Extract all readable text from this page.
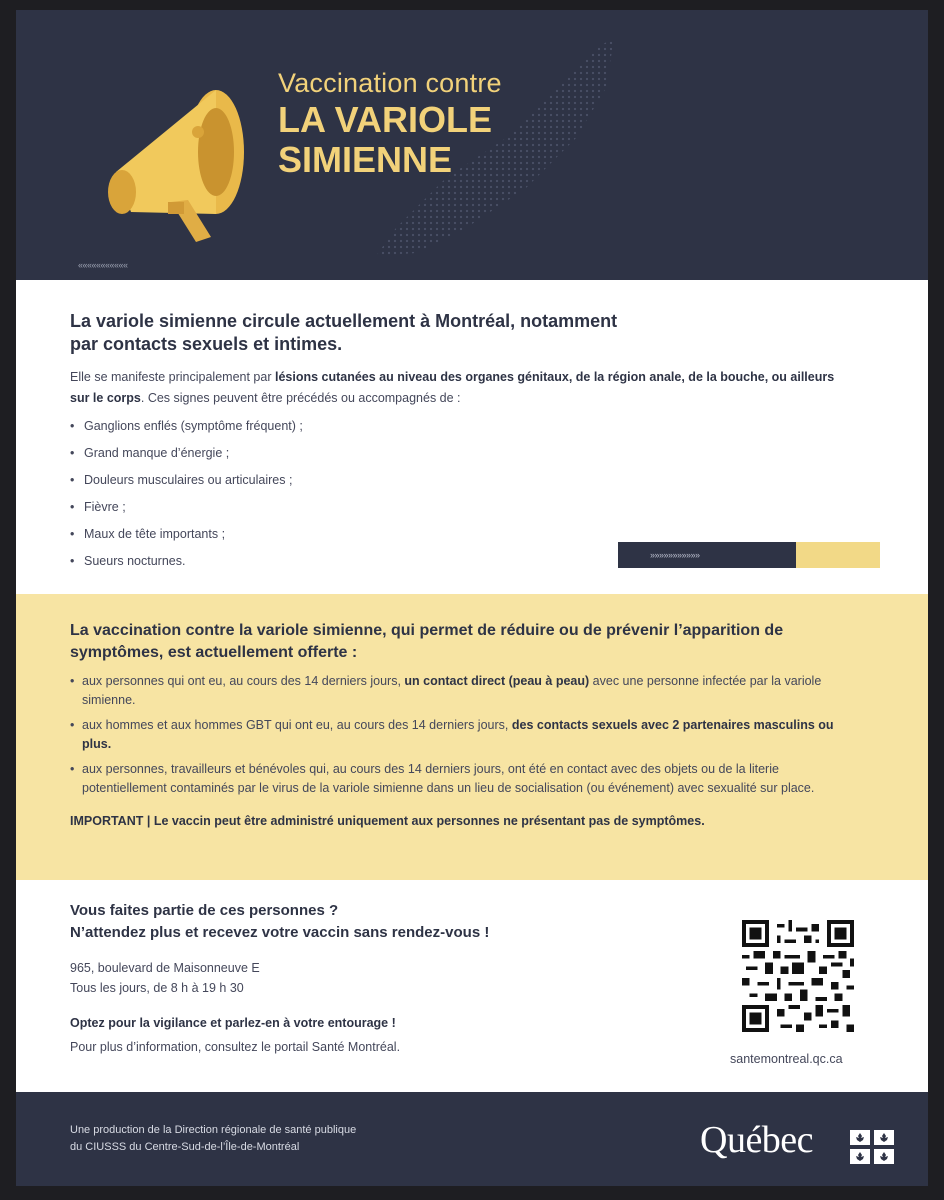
Vaccination contre
LA VARIOLE SIMIENNE
«««««««««««
La variole simienne circule actuellement à Montréal, notamment par contacts sexuels et intimes.

Elle se manifeste principalement par lésions cutanées au niveau des organes génitaux, de la région anale, de la bouche, ou ailleurs sur le corps. Ces signes peuvent être précédés ou accompagnés de :

• Ganglions enflés (symptôme fréquent) ;
• Grand manque d’énergie ;
• Douleurs musculaires ou articulaires ;
• Fièvre ;
• Maux de tête importants ;
• Sueurs nocturnes.	»»»»»»»»»»»
La vaccination contre la variole simienne, qui permet de réduire ou de prévenir l’apparition de symptômes, est actuellement offerte :
• aux personnes qui ont eu, au cours des 14 derniers jours, un contact direct (peau à peau) avec une personne infectée par la variole simienne.
• aux hommes et aux hommes GBT qui ont eu, au cours des 14 derniers jours, des contacts sexuels avec 2 partenaires masculins ou plus.
• aux personnes, travailleurs et bénévoles qui, au cours des 14 derniers jours, ont été en contact avec des objets ou de la literie potentiellement contaminés par le virus de la variole simienne dans un lieu de socialisation (ou événement) avec sexualité sur place.
IMPORTANT | Le vaccin peut être administré uniquement aux personnes ne présentant pas de symptômes.
Vous faites partie de ces personnes ?
N’attendez plus et recevez votre vaccin sans rendez-vous !
965, boulevard de Maisonneuve E
Tous les jours, de 8 h à 19 h 30
Optez pour la vigilance et parlez-en à votre entourage !
Pour plus d’information, consultez le portail Santé Montréal.
santemontreal.qc.ca
Une production de la Direction régionale de santé publique
du CIUSSS du Centre-Sud-de-l’Île-de-Montréal	Québec
